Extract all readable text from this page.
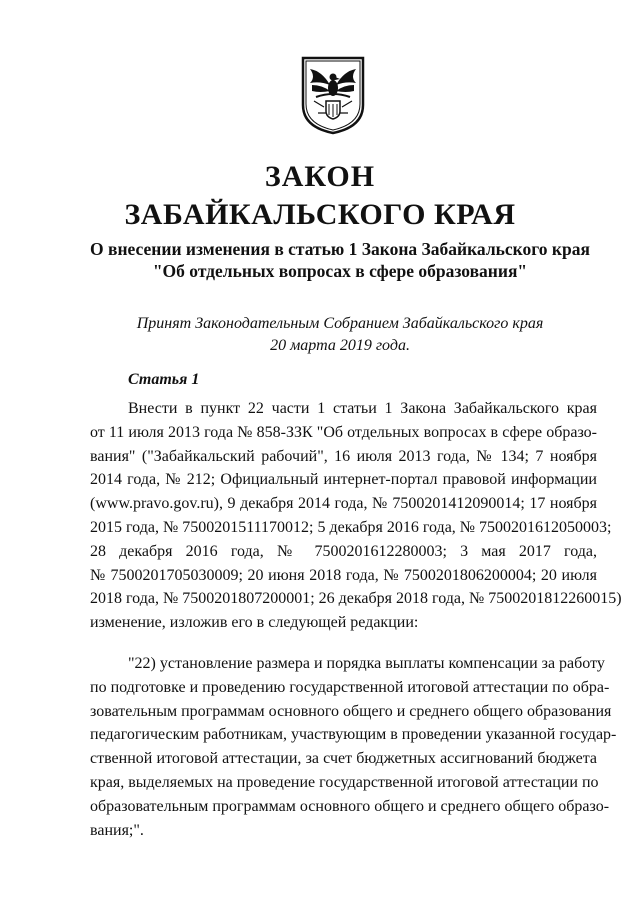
ЗАКОН
ЗАБАЙКАЛЬСКОГО КРАЯ
О внесении изменения в статью 1 Закона Забайкальского края
"Об отдельных вопросах в сфере образования"
Принят Законодательным Собранием Забайкальского края
20 марта 2019 года.
Статья 1
Внести в пункт 22 части 1 статьи 1 Закона Забайкальского края
от 11 июля 2013 года № 858-ЗЗК "Об отдельных вопросах в сфере образо-
вания" ("Забайкальский рабочий", 16 июля 2013 года, № 134; 7 ноября
2014 года, № 212; Официальный интернет-портал правовой информации
(www.pravo.gov.ru), 9 декабря 2014 года, № 7500201412090014; 17 ноября
2015 года, № 7500201511170012; 5 декабря 2016 года, № 7500201612050003;
28 декабря 2016 года, № 7500201612280003; 3 мая 2017 года,
№ 7500201705030009; 20 июня 2018 года, № 7500201806200004; 20 июля
2018 года, № 7500201807200001; 26 декабря 2018 года, № 7500201812260015)
изменение, изложив его в следующей редакции:
"22) установление размера и порядка выплаты компенсации за работу
по подготовке и проведению государственной итоговой аттестации по обра-
зовательным программам основного общего и среднего общего образования
педагогическим работникам, участвующим в проведении указанной государ-
ственной итоговой аттестации, за счет бюджетных ассигнований бюджета
края, выделяемых на проведение государственной итоговой аттестации по
образовательным программам основного общего и среднего общего образо-
вания;".
